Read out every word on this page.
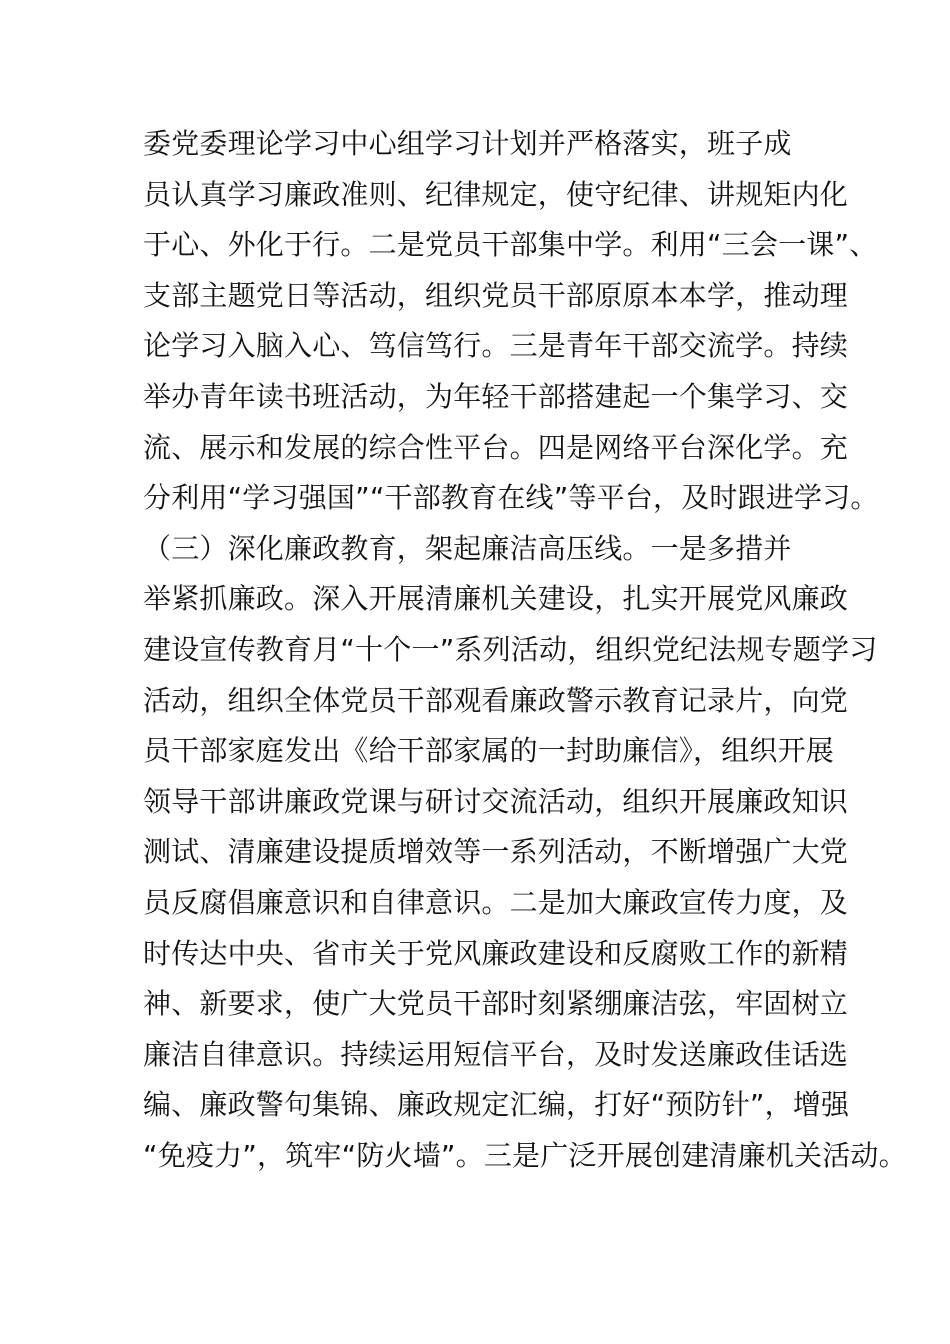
委党委理论学习中心组学习计划并严格落实，班子成
员认真学习廉政准则、纪律规定，使守纪律、讲规矩内化
于心、外化于行。二是党员干部集中学。利用“三会一课”、
支部主题党日等活动，组织党员干部原原本本学，推动理
论学习入脑入心、笃信笃行。三是青年干部交流学。持续
举办青年读书班活动，为年轻干部搭建起一个集学习、交
流、展示和发展的综合性平台。四是网络平台深化学。充
分利用“学习强国”“干部教育在线”等平台，及时跟进学习。
（三）深化廉政教育，架起廉洁高压线。一是多措并
举紧抓廉政。深入开展清廉机关建设，扎实开展党风廉政
建设宣传教育月“十个一”系列活动，组织党纪法规专题学习
活动，组织全体党员干部观看廉政警示教育记录片，向党
员干部家庭发出《给干部家属的一封助廉信》，组织开展
领导干部讲廉政党课与研讨交流活动，组织开展廉政知识
测试、清廉建设提质增效等一系列活动，不断增强广大党
员反腐倡廉意识和自律意识。二是加大廉政宣传力度，及
时传达中央、省市关于党风廉政建设和反腐败工作的新精
神、新要求，使广大党员干部时刻紧绷廉洁弦，牢固树立
廉洁自律意识。持续运用短信平台，及时发送廉政佳话选
编、廉政警句集锦、廉政规定汇编，打好“预防针”，增强
“免疫力”，筑牢“防火墙”。三是广泛开展创建清廉机关活动。
